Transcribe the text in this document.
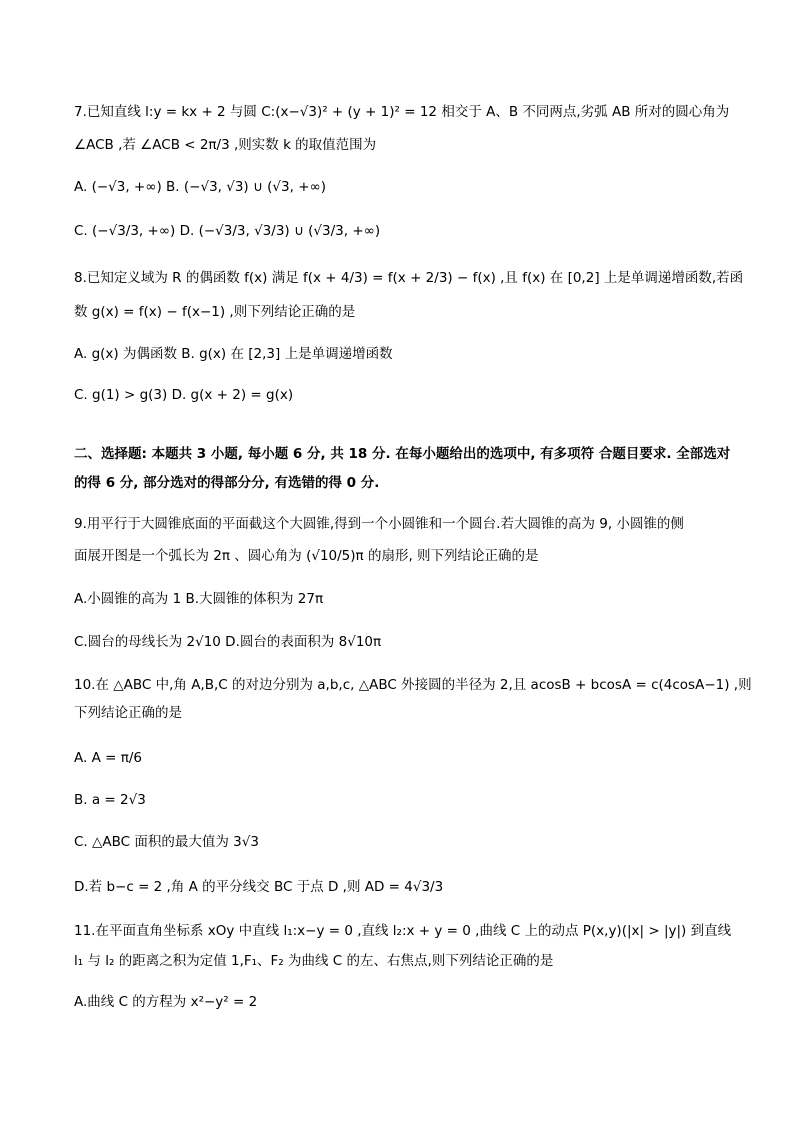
7.已知直线 l:y = kx + 2 与圆 C:(x−√3)² + (y + 1)² = 12 相交于 A、B 不同两点,劣弧 AB 所对的圆心角为
∠ACB ,若 ∠ACB < 2π/3 ,则实数 k 的取值范围为
A. (−√3, +∞) B. (−√3, √3) ∪ (√3, +∞)
C. (−√3/3, +∞) D. (−√3/3, √3/3) ∪ (√3/3, +∞)
8.已知定义域为 R 的偶函数 f(x) 满足 f(x + 4/3) = f(x + 2/3) − f(x) ,且 f(x) 在 [0,2] 上是单调递增函数,若函
数 g(x) = f(x) − f(x−1) ,则下列结论正确的是
A. g(x) 为偶函数 B. g(x) 在 [2,3] 上是单调递增函数
C. g(1) > g(3) D. g(x + 2) = g(x)
二、选择题: 本题共 3 小题, 每小题 6 分, 共 18 分. 在每小题给出的选项中, 有多项符 合题目要求. 全部选对
的得 6 分, 部分选对的得部分分, 有选错的得 0 分.
9.用平行于大圆锥底面的平面截这个大圆锥,得到一个小圆锥和一个圆台.若大圆锥的高为 9, 小圆锥的侧
面展开图是一个弧长为 2π 、圆心角为 (√10/5)π 的扇形, 则下列结论正确的是
A.小圆锥的高为 1 B.大圆锥的体积为 27π
C.圆台的母线长为 2√10 D.圆台的表面积为 8√10π
10.在 △ABC 中,角 A,B,C 的对边分别为 a,b,c, △ABC 外接圆的半径为 2,且 acosB + bcosA = c(4cosA−1) ,则
下列结论正确的是
A. A = π/6
B. a = 2√3
C. △ABC 面积的最大值为 3√3
D.若 b−c = 2 ,角 A 的平分线交 BC 于点 D ,则 AD = 4√3/3
11.在平面直角坐标系 xOy 中直线 l₁:x−y = 0 ,直线 l₂:x + y = 0 ,曲线 C 上的动点 P(x,y)(|x| > |y|) 到直线
l₁ 与 l₂ 的距离之积为定值 1,F₁、F₂ 为曲线 C 的左、右焦点,则下列结论正确的是
A.曲线 C 的方程为 x²−y² = 2
